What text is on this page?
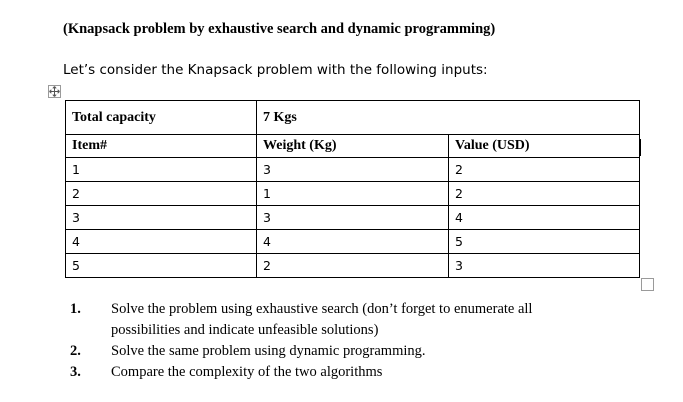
(Knapsack problem by exhaustive search and dynamic programming)
Let’s consider the Knapsack problem with the following inputs:
Total capacity	7 Kgs	
Item#	Weight (Kg)	Value (USD)
1	3	2
2	1	2
3	3	4
4	4	5
5	2	3
1. Solve the problem using exhaustive search (don’t forget to enumerate all
possibilities and indicate unfeasible solutions)
2. Solve the same problem using dynamic programming.
3. Compare the complexity of the two algorithms
